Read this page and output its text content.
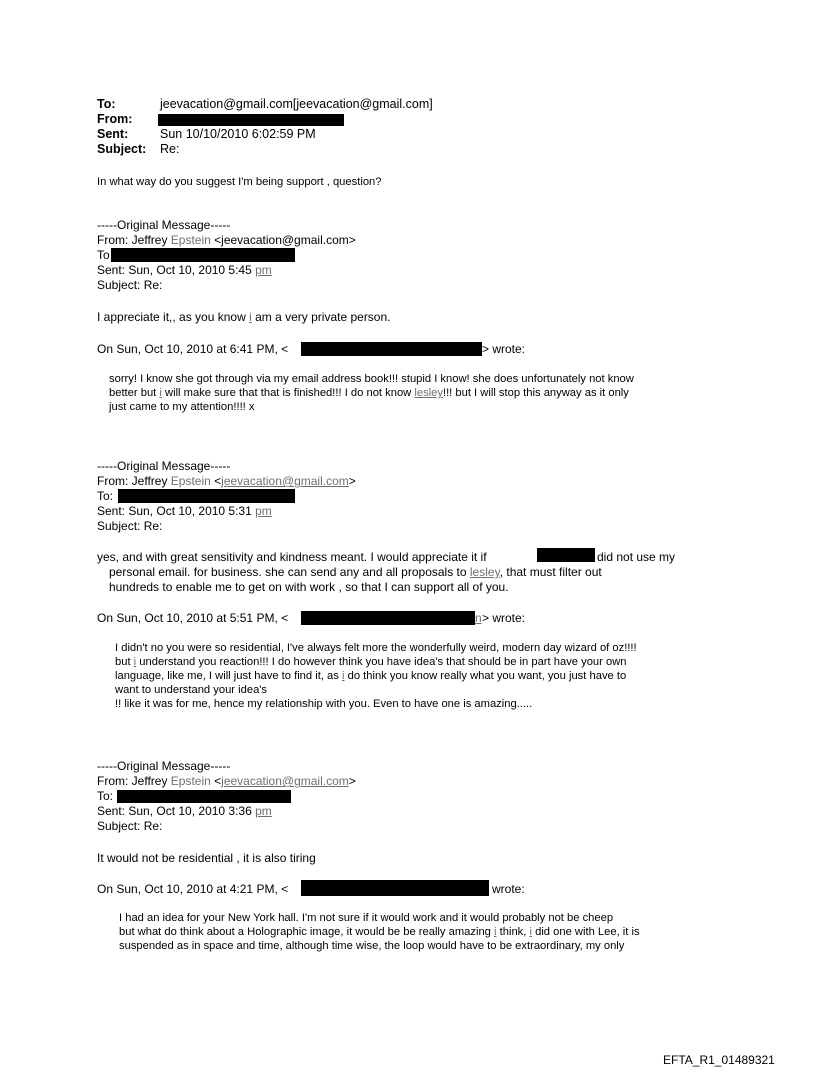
To:	jeevacation@gmail.com[jeevacation@gmail.com]
From:
Sent:	Sun 10/10/2010 6:02:59 PM
Subject: Re:
In what way do you suggest I'm being support , question?
-----Original Message-----
From: Jeffrey Epstein <jeevacation@gmail.com>
To
Sent: Sun, Oct 10, 2010 5:45 pm
Subject: Re:
I appreciate it,, as you know i am a very private person.
On Sun, Oct 10, 2010 at 6:41 PM, <	> wrote:
sorry! I know she got through via my email address book!!! stupid I know! she does unfortunately not know
better but i will make sure that that is finished!!! I do not know lesley!!! but I will stop this anyway as it only
just came to my attention!!!! x
-----Original Message-----
From: Jeffrey Epstein <jeevacation@gmail.com>
To:
Sent: Sun, Oct 10, 2010 5:31 pm
Subject: Re:
yes, and with great sensitivity and kindness meant. I would appreciate it if	did not use my
personal email. for business. she can send any and all proposals to lesley, that must filter out
hundreds to enable me to get on with work , so that I can support all of you.
On Sun, Oct 10, 2010 at 5:51 PM, <	n > wrote:
I didn't no you were so residential, I've always felt more the wonderfully weird, modern day wizard of oz!!!!
but i understand you reaction!!! I do however think you have idea's that should be in part have your own
language, like me, I will just have to find it, as i do think you know really what you want, you just have to
want to understand your idea's
!! like it was for me, hence my relationship with you. Even to have one is amazing.....
-----Original Message-----
From: Jeffrey Epstein <jeevacation@gmail.com>
To:
Sent: Sun, Oct 10, 2010 3:36 pm
Subject: Re:
It would not be residential , it is also tiring
On Sun, Oct 10, 2010 at 4:21 PM, <	wrote:
I had an idea for your New York hall. I'm not sure if it would work and it would probably not be cheep
but what do think about a Holographic image, it would be be really amazing i think, i did one with Lee, it is
suspended as in space and time, although time wise, the loop would have to be extraordinary, my only
EFTA_R1_01489321
